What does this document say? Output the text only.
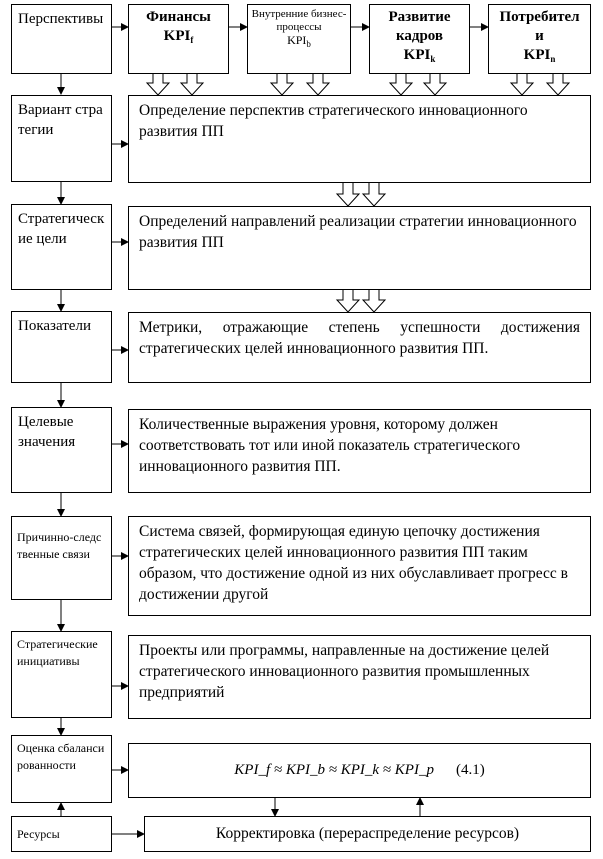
Перспективы	Финансы
$KPI_f$
Внутренние бизнес-процессы
$KPI_b$
Развитие кадров
$KPI_k$
Потребители
$KPI_n$
Вариант стратегии
Определение перспектив стратегического инновационного развития ПП
Стратегические цели
Определений направлений реализации стратегии инновационного развития ПП
Показатели	Метрики, отражающие степень успешности достижения стратегических целей инновационного развития ПП.
Целевые значения
Количественные выражения уровня, которому должен соответствовать тот или иной показатель стратегического инновационного развития ПП.
Причинно-следственные связи
Система связей, формирующая единую цепочку достижения стратегических целей инновационного развития ПП таким образом, что достижение одной из них обуславливает прогресс в достижении другой
Стратегические инициативы
Проекты или программы, направленные на достижение целей стратегического инновационного развития промышленных предприятий
Оценка сбалансированности	KPI_f ≈ KPI_b ≈ KPI_k ≈ KPI_p (4.1)
Ресурсы	Корректировка (перераспределение ресурсов)
